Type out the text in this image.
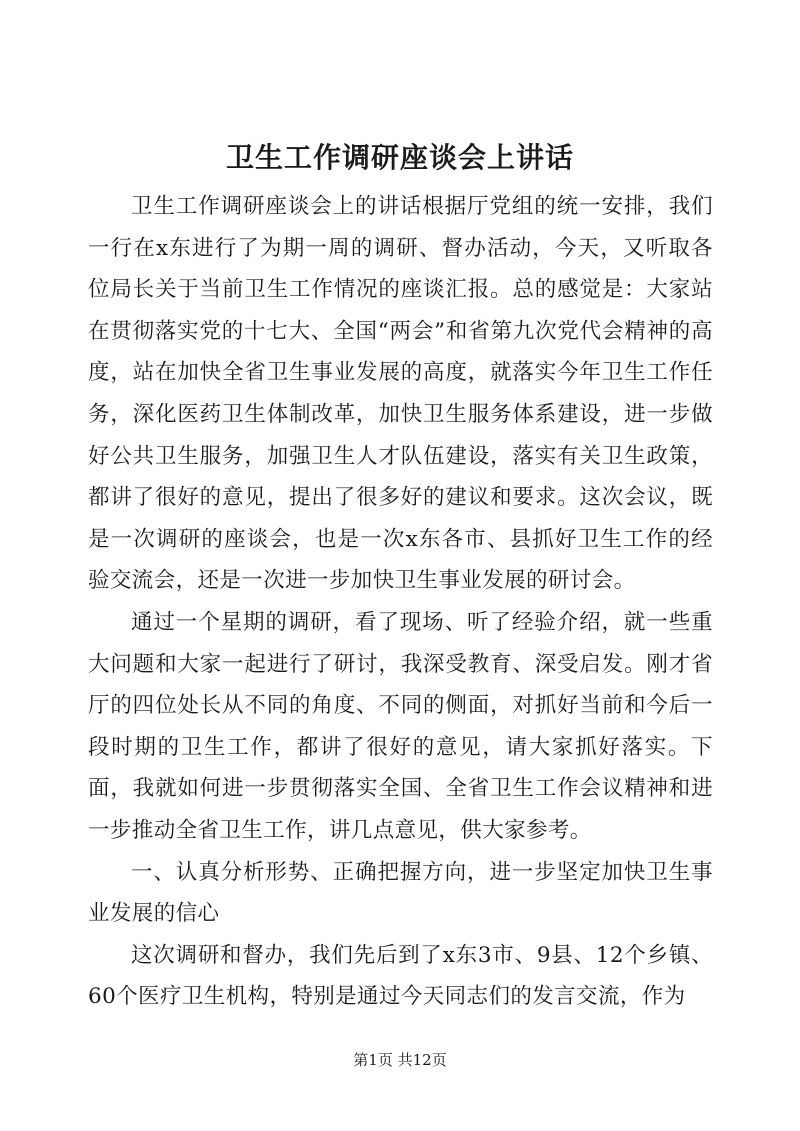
卫生工作调研座谈会上讲话

卫生工作调研座谈会上的讲话根据厅党组的统一安排，我们一行在x东进行了为期一周的调研、督办活动，今天，又听取各位局长关于当前卫生工作情况的座谈汇报。总的感觉是：大家站在贯彻落实党的十七大、全国“两会”和省第九次党代会精神的高度，站在加快全省卫生事业发展的高度，就落实今年卫生工作任务，深化医药卫生体制改革，加快卫生服务体系建设，进一步做好公共卫生服务，加强卫生人才队伍建设，落实有关卫生政策，都讲了很好的意见，提出了很多好的建议和要求。这次会议，既是一次调研的座谈会，也是一次x东各市、县抓好卫生工作的经验交流会，还是一次进一步加快卫生事业发展的研讨会。

通过一个星期的调研，看了现场、听了经验介绍，就一些重大问题和大家一起进行了研讨，我深受教育、深受启发。刚才省厅的四位处长从不同的角度、不同的侧面，对抓好当前和今后一段时期的卫生工作，都讲了很好的意见，请大家抓好落实。下面，我就如何进一步贯彻落实全国、全省卫生工作会议精神和进一步推动全省卫生工作，讲几点意见，供大家参考。

一、认真分析形势、正确把握方向，进一步坚定加快卫生事业发展的信心

这次调研和督办，我们先后到了x东3市、9县、12个乡镇、60个医疗卫生机构，特别是通过今天同志们的发言交流，作为

第1页 共12页
